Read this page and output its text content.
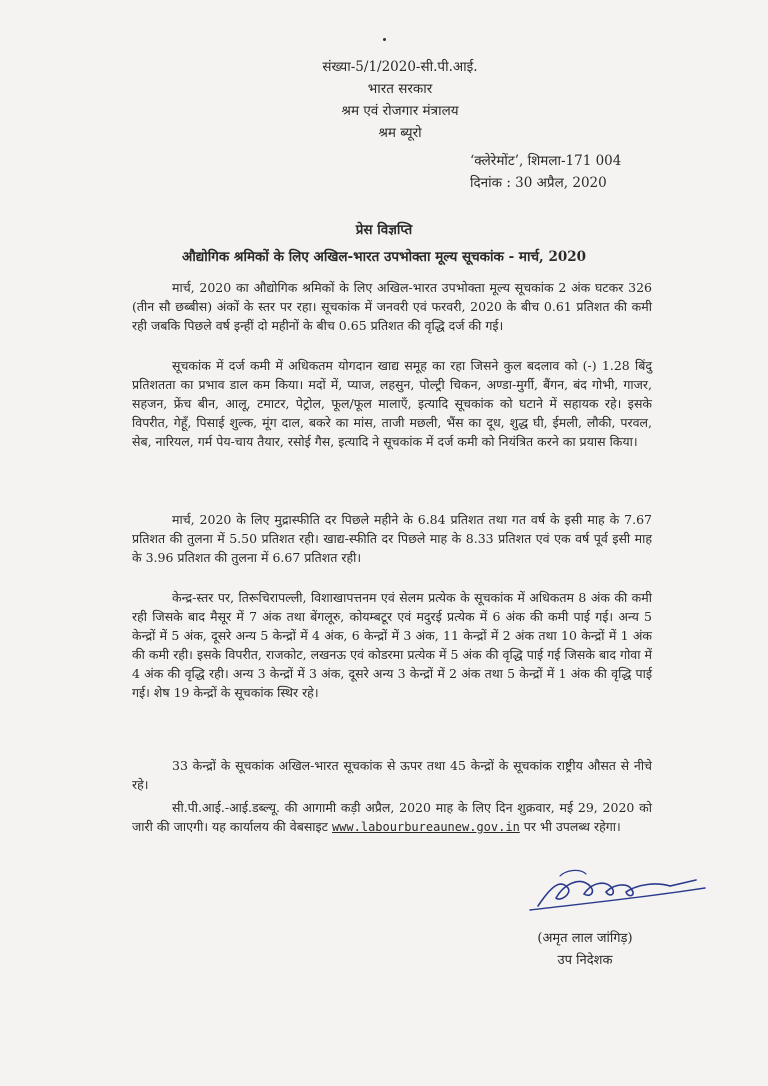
संख्या-5/1/2020-सी.पी.आई.
भारत सरकार
श्रम एवं रोजगार मंत्रालय
श्रम ब्यूरो
‘क्लेरेमोंट’, शिमला-171 004
दिनांक : 30 अप्रैल, 2020
प्रेस विज्ञप्ति
औद्योगिक श्रमिकों के लिए अखिल-भारत उपभोक्ता मूल्य सूचकांक - मार्च, 2020
मार्च, 2020 का औद्योगिक श्रमिकों के लिए अखिल-भारत उपभोक्ता मूल्य सूचकांक 2 अंक घटकर 326 (तीन सौ छब्बीस) अंकों के स्तर पर रहा। सूचकांक में जनवरी एवं फरवरी, 2020 के बीच 0.61 प्रतिशत की कमी रही जबकि पिछले वर्ष इन्हीं दो महीनों के बीच 0.65 प्रतिशत की वृद्धि दर्ज की गई।
सूचकांक में दर्ज कमी में अधिकतम योगदान खाद्य समूह का रहा जिसने कुल बदलाव को (-) 1.28 बिंदु प्रतिशतता का प्रभाव डाल कम किया। मदों में, प्याज, लहसुन, पोल्ट्री चिकन, अण्डा-मुर्गी, बैंगन, बंद गोभी, गाजर, सहजन, फ्रेंच बीन, आलू, टमाटर, पेट्रोल, फूल/फूल मालाएँ, इत्यादि सूचकांक को घटाने में सहायक रहे। इसके विपरीत, गेहूँ, पिसाई शुल्क, मूंग दाल, बकरे का मांस, ताजी मछली, भैंस का दूध, शुद्ध घी, ईमली, लौकी, परवल, सेब, नारियल, गर्म पेय-चाय तैयार, रसोई गैस, इत्यादि ने सूचकांक में दर्ज कमी को नियंत्रित करने का प्रयास किया।
मार्च, 2020 के लिए मुद्रास्फीति दर पिछले महीने के 6.84 प्रतिशत तथा गत वर्ष के इसी माह के 7.67 प्रतिशत की तुलना में 5.50 प्रतिशत रही। खाद्य-स्फीति दर पिछले माह के 8.33 प्रतिशत एवं एक वर्ष पूर्व इसी माह के 3.96 प्रतिशत की तुलना में 6.67 प्रतिशत रही।
केन्द्र-स्तर पर, तिरूचिरापल्ली, विशाखापत्तनम एवं सेलम प्रत्येक के सूचकांक में अधिकतम 8 अंक की कमी रही जिसके बाद मैसूर में 7 अंक तथा बेंगलूरु, कोयम्बटूर एवं मदुरई प्रत्येक में 6 अंक की कमी पाई गई। अन्य 5 केन्द्रों में 5 अंक, दूसरे अन्य 5 केन्द्रों में 4 अंक, 6 केन्द्रों में 3 अंक, 11 केन्द्रों में 2 अंक तथा 10 केन्द्रों में 1 अंक की कमी रही। इसके विपरीत, राजकोट, लखनऊ एवं कोडरमा प्रत्येक में 5 अंक की वृद्धि पाई गई जिसके बाद गोवा में 4 अंक की वृद्धि रही। अन्य 3 केन्द्रों में 3 अंक, दूसरे अन्य 3 केन्द्रों में 2 अंक तथा 5 केन्द्रों में 1 अंक की वृद्धि पाई गई। शेष 19 केन्द्रों के सूचकांक स्थिर रहे।
33 केन्द्रों के सूचकांक अखिल-भारत सूचकांक से ऊपर तथा 45 केन्द्रों के सूचकांक राष्ट्रीय औसत से नीचे रहे।
सी.पी.आई.-आई.डब्ल्यू. की आगामी कड़ी अप्रैल, 2020 माह के लिए दिन शुक्रवार, मई 29, 2020 को जारी की जाएगी। यह कार्यालय की वेबसाइट www.labourbureaunew.gov.in पर भी उपलब्ध रहेगा।
(अमृत लाल जांगिड़)
उप निदेशक
